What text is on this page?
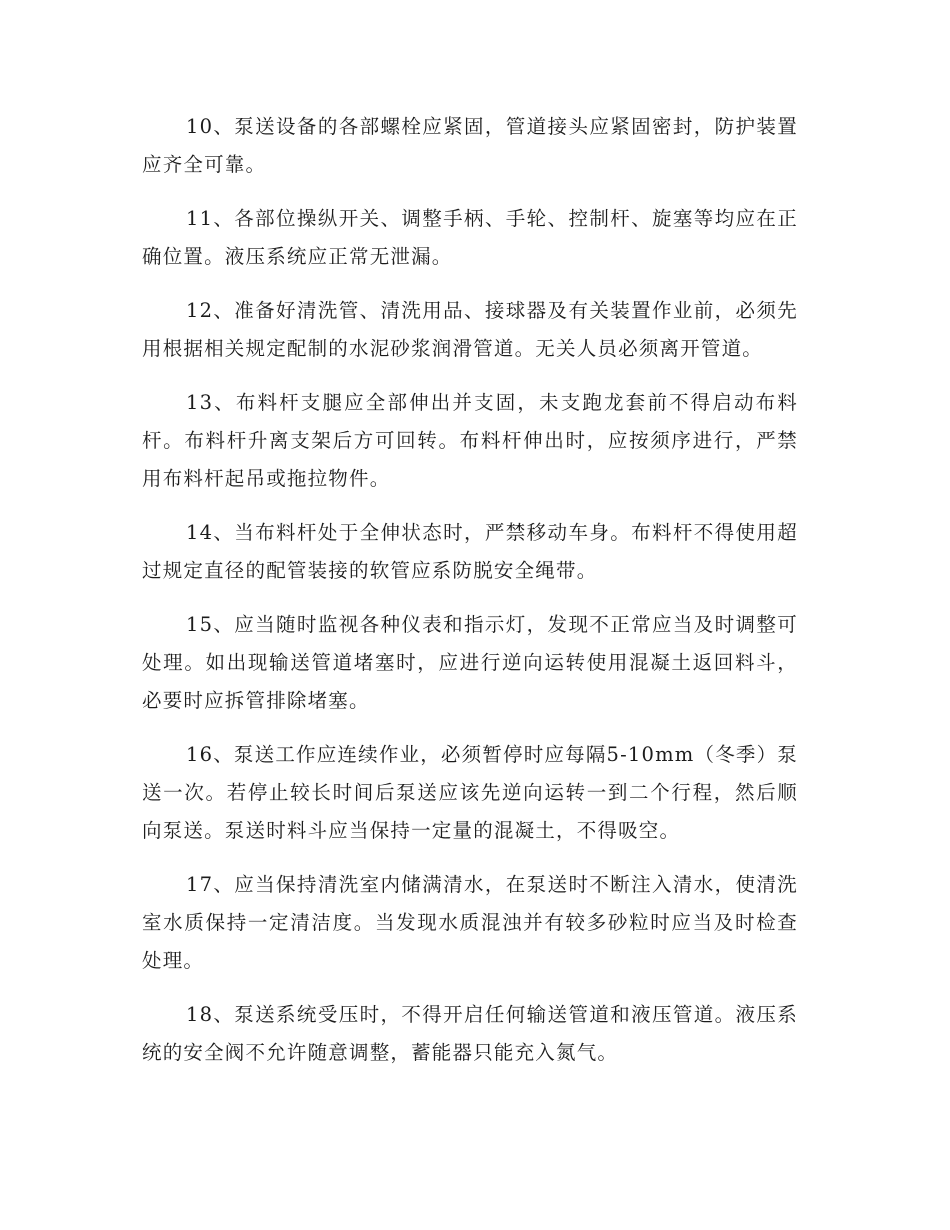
10、泵送设备的各部螺栓应紧固，管道接头应紧固密封，防护装置应齐全可靠。

11、各部位操纵开关、调整手柄、手轮、控制杆、旋塞等均应在正确位置。液压系统应正常无泄漏。

12、准备好清洗管、清洗用品、接球器及有关装置作业前，必须先用根据相关规定配制的水泥砂浆润滑管道。无关人员必须离开管道。

13、布料杆支腿应全部伸出并支固，未支跑龙套前不得启动布料杆。布料杆升离支架后方可回转。布料杆伸出时，应按须序进行，严禁用布料杆起吊或拖拉物件。

14、当布料杆处于全伸状态时，严禁移动车身。布料杆不得使用超过规定直径的配管装接的软管应系防脱安全绳带。

15、应当随时监视各种仪表和指示灯，发现不正常应当及时调整可处理。如出现输送管道堵塞时，应进行逆向运转使用混凝土返回料斗，必要时应拆管排除堵塞。

16、泵送工作应连续作业，必须暂停时应每隔5-10mm（冬季）泵送一次。若停止较长时间后泵送应该先逆向运转一到二个行程，然后顺向泵送。泵送时料斗应当保持一定量的混凝土，不得吸空。

17、应当保持清洗室内储满清水，在泵送时不断注入清水，使清洗室水质保持一定清洁度。当发现水质混浊并有较多砂粒时应当及时检查处理。

18、泵送系统受压时，不得开启任何输送管道和液压管道。液压系统的安全阀不允许随意调整，蓄能器只能充入氮气。
